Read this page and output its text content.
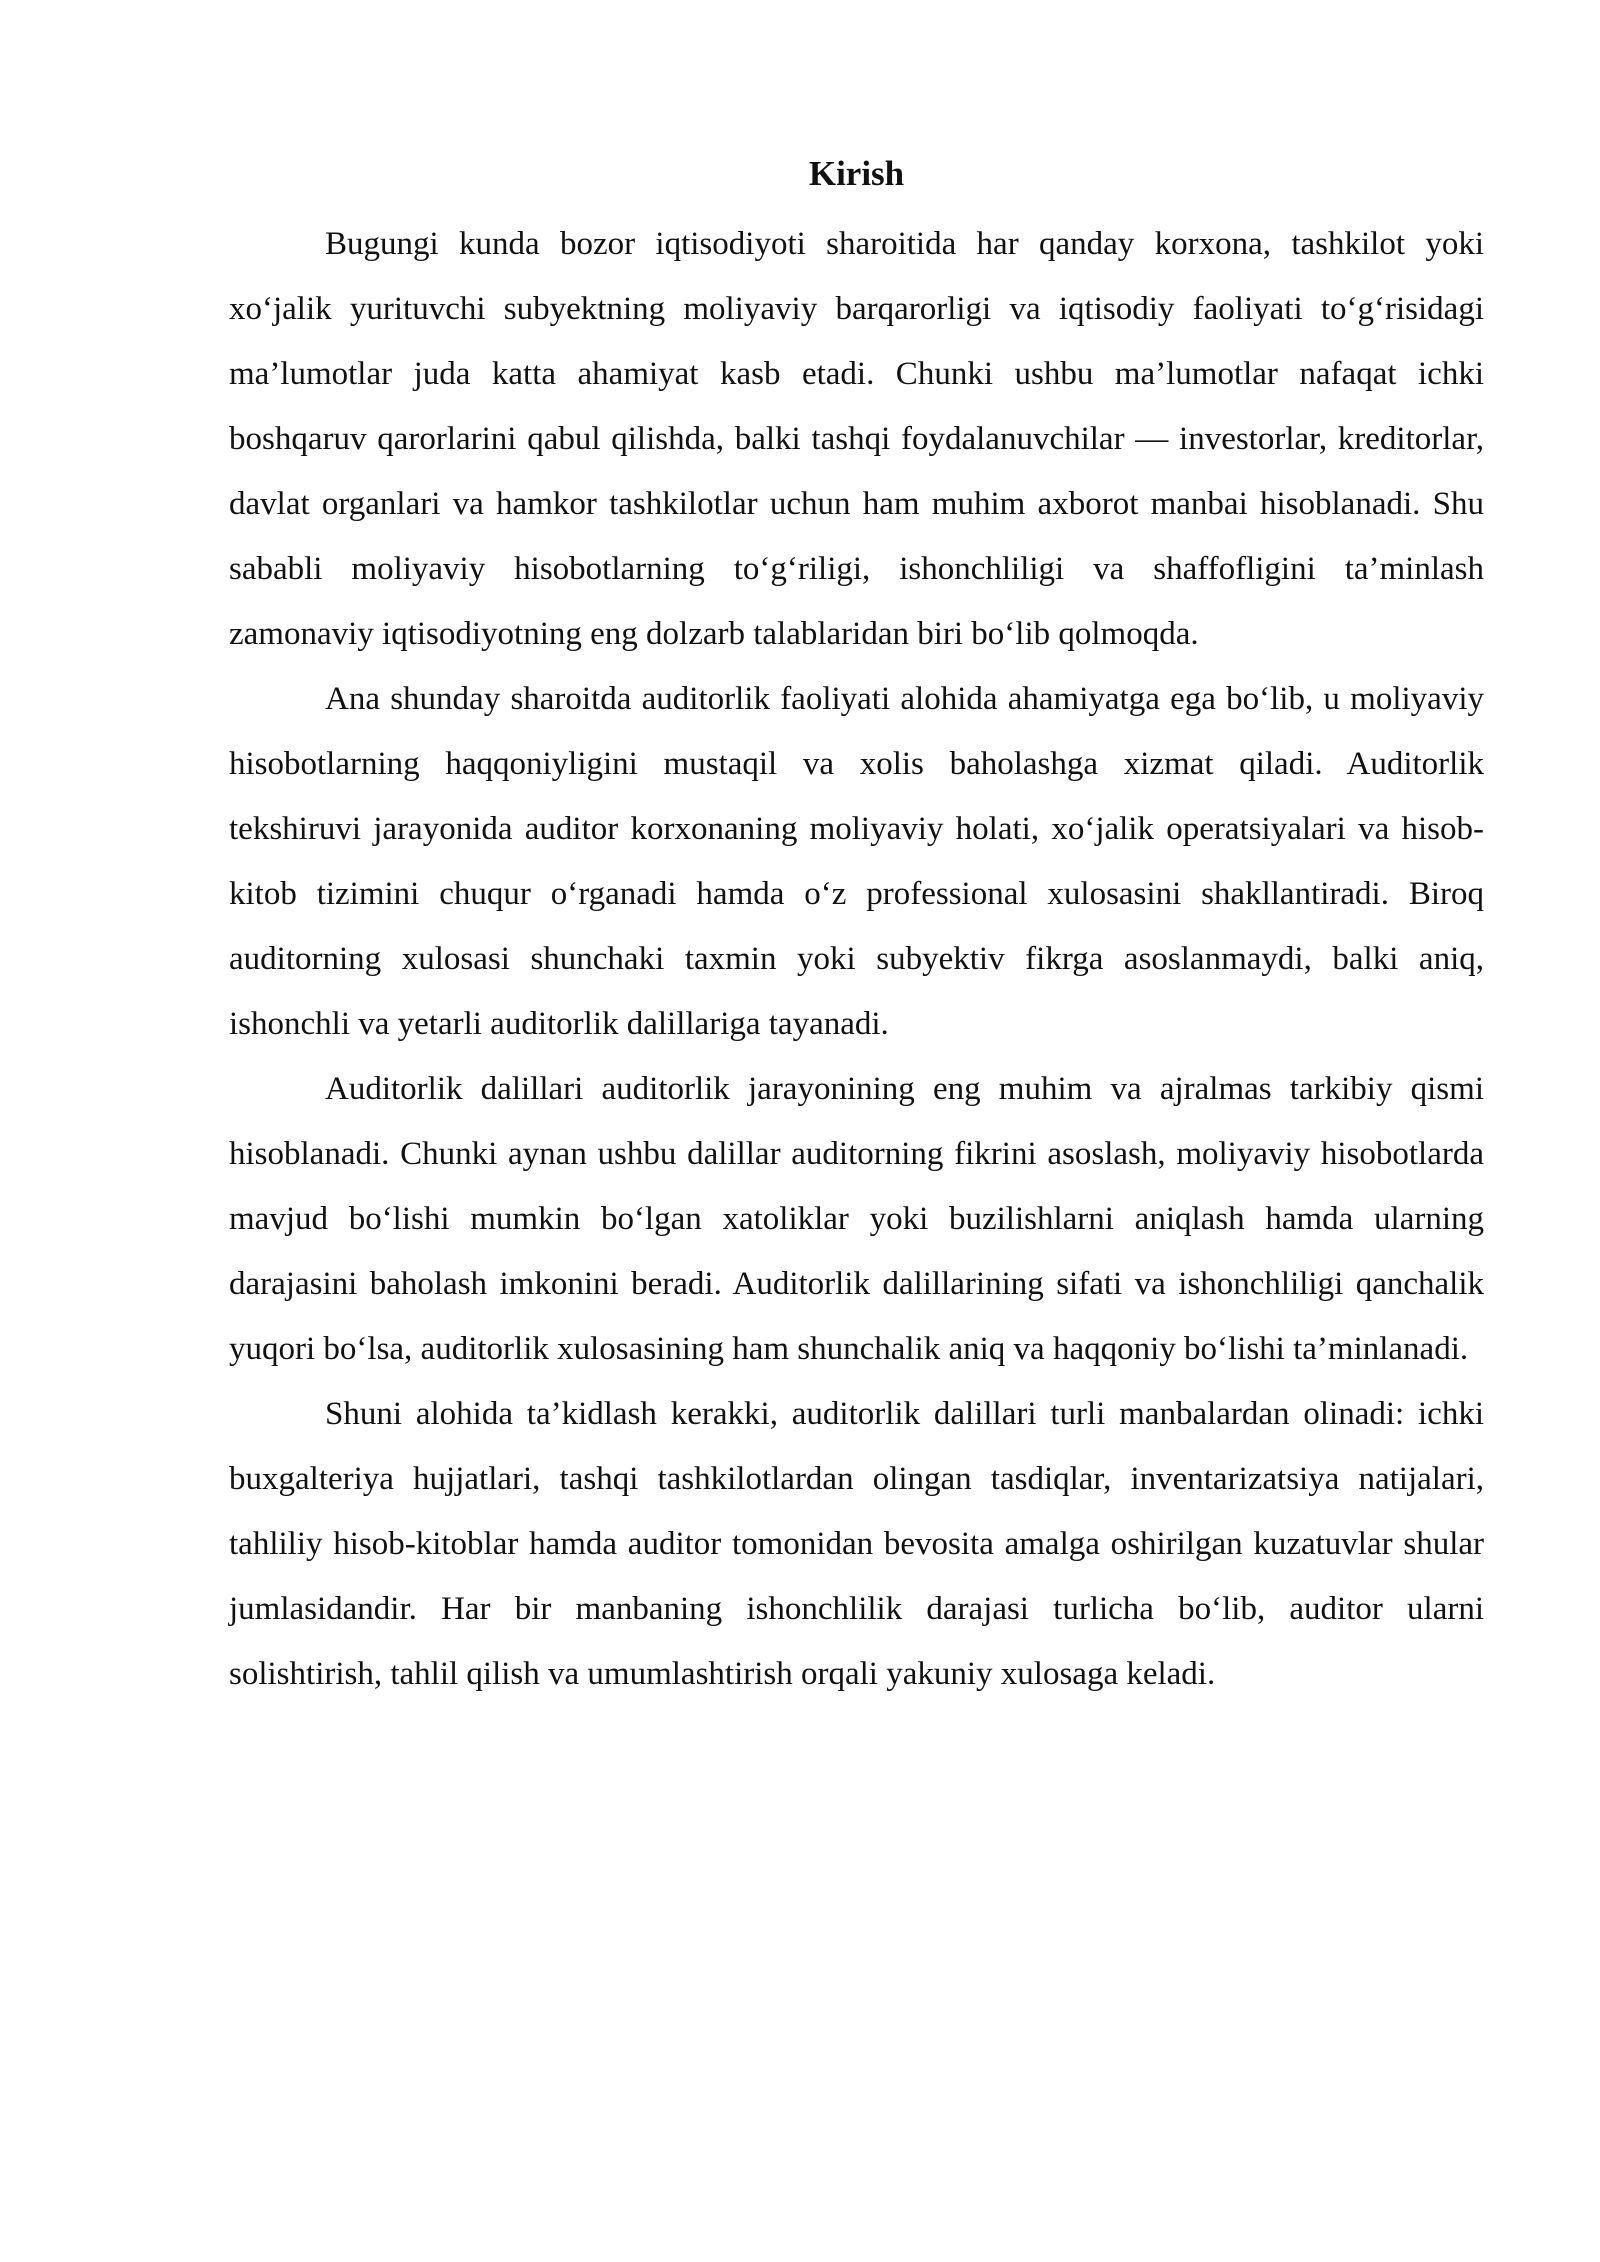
Kirish

Bugungi kunda bozor iqtisodiyoti sharoitida har qanday korxona, tashkilot yoki xo‘jalik yurituvchi subyektning moliyaviy barqarorligi va iqtisodiy faoliyati to‘g‘risidagi ma’lumotlar juda katta ahamiyat kasb etadi. Chunki ushbu ma’lumotlar nafaqat ichki boshqaruv qarorlarini qabul qilishda, balki tashqi foydalanuvchilar — investorlar, kreditorlar, davlat organlari va hamkor tashkilotlar uchun ham muhim axborot manbai hisoblanadi. Shu sababli moliyaviy hisobotlarning to‘g‘riligi, ishonchliligi va shaffofligini ta’minlash zamonaviy iqtisodiyotning eng dolzarb talablaridan biri bo‘lib qolmoqda.

Ana shunday sharoitda auditorlik faoliyati alohida ahamiyatga ega bo‘lib, u moliyaviy hisobotlarning haqqoniyligini mustaqil va xolis baholashga xizmat qiladi. Auditorlik tekshiruvi jarayonida auditor korxonaning moliyaviy holati, xo‘jalik operatsiyalari va hisob-kitob tizimini chuqur o‘rganadi hamda o‘z professional xulosasini shakllantiradi. Biroq auditorning xulosasi shunchaki taxmin yoki subyektiv fikrga asoslanmaydi, balki aniq, ishonchli va yetarli auditorlik dalillariga tayanadi.

Auditorlik dalillari auditorlik jarayonining eng muhim va ajralmas tarkibiy qismi hisoblanadi. Chunki aynan ushbu dalillar auditorning fikrini asoslash, moliyaviy hisobotlarda mavjud bo‘lishi mumkin bo‘lgan xatoliklar yoki buzilishlarni aniqlash hamda ularning darajasini baholash imkonini beradi. Auditorlik dalillarining sifati va ishonchliligi qanchalik yuqori bo‘lsa, auditorlik xulosasining ham shunchalik aniq va haqqoniy bo‘lishi ta’minlanadi.

Shuni alohida ta’kidlash kerakki, auditorlik dalillari turli manbalardan olinadi: ichki buxgalteriya hujjatlari, tashqi tashkilotlardan olingan tasdiqlar, inventarizatsiya natijalari, tahliliy hisob-kitoblar hamda auditor tomonidan bevosita amalga oshirilgan kuzatuvlar shular jumlasidandir. Har bir manbaning ishonchlilik darajasi turlicha bo‘lib, auditor ularni solishtirish, tahlil qilish va umumlashtirish orqali yakuniy xulosaga keladi.
